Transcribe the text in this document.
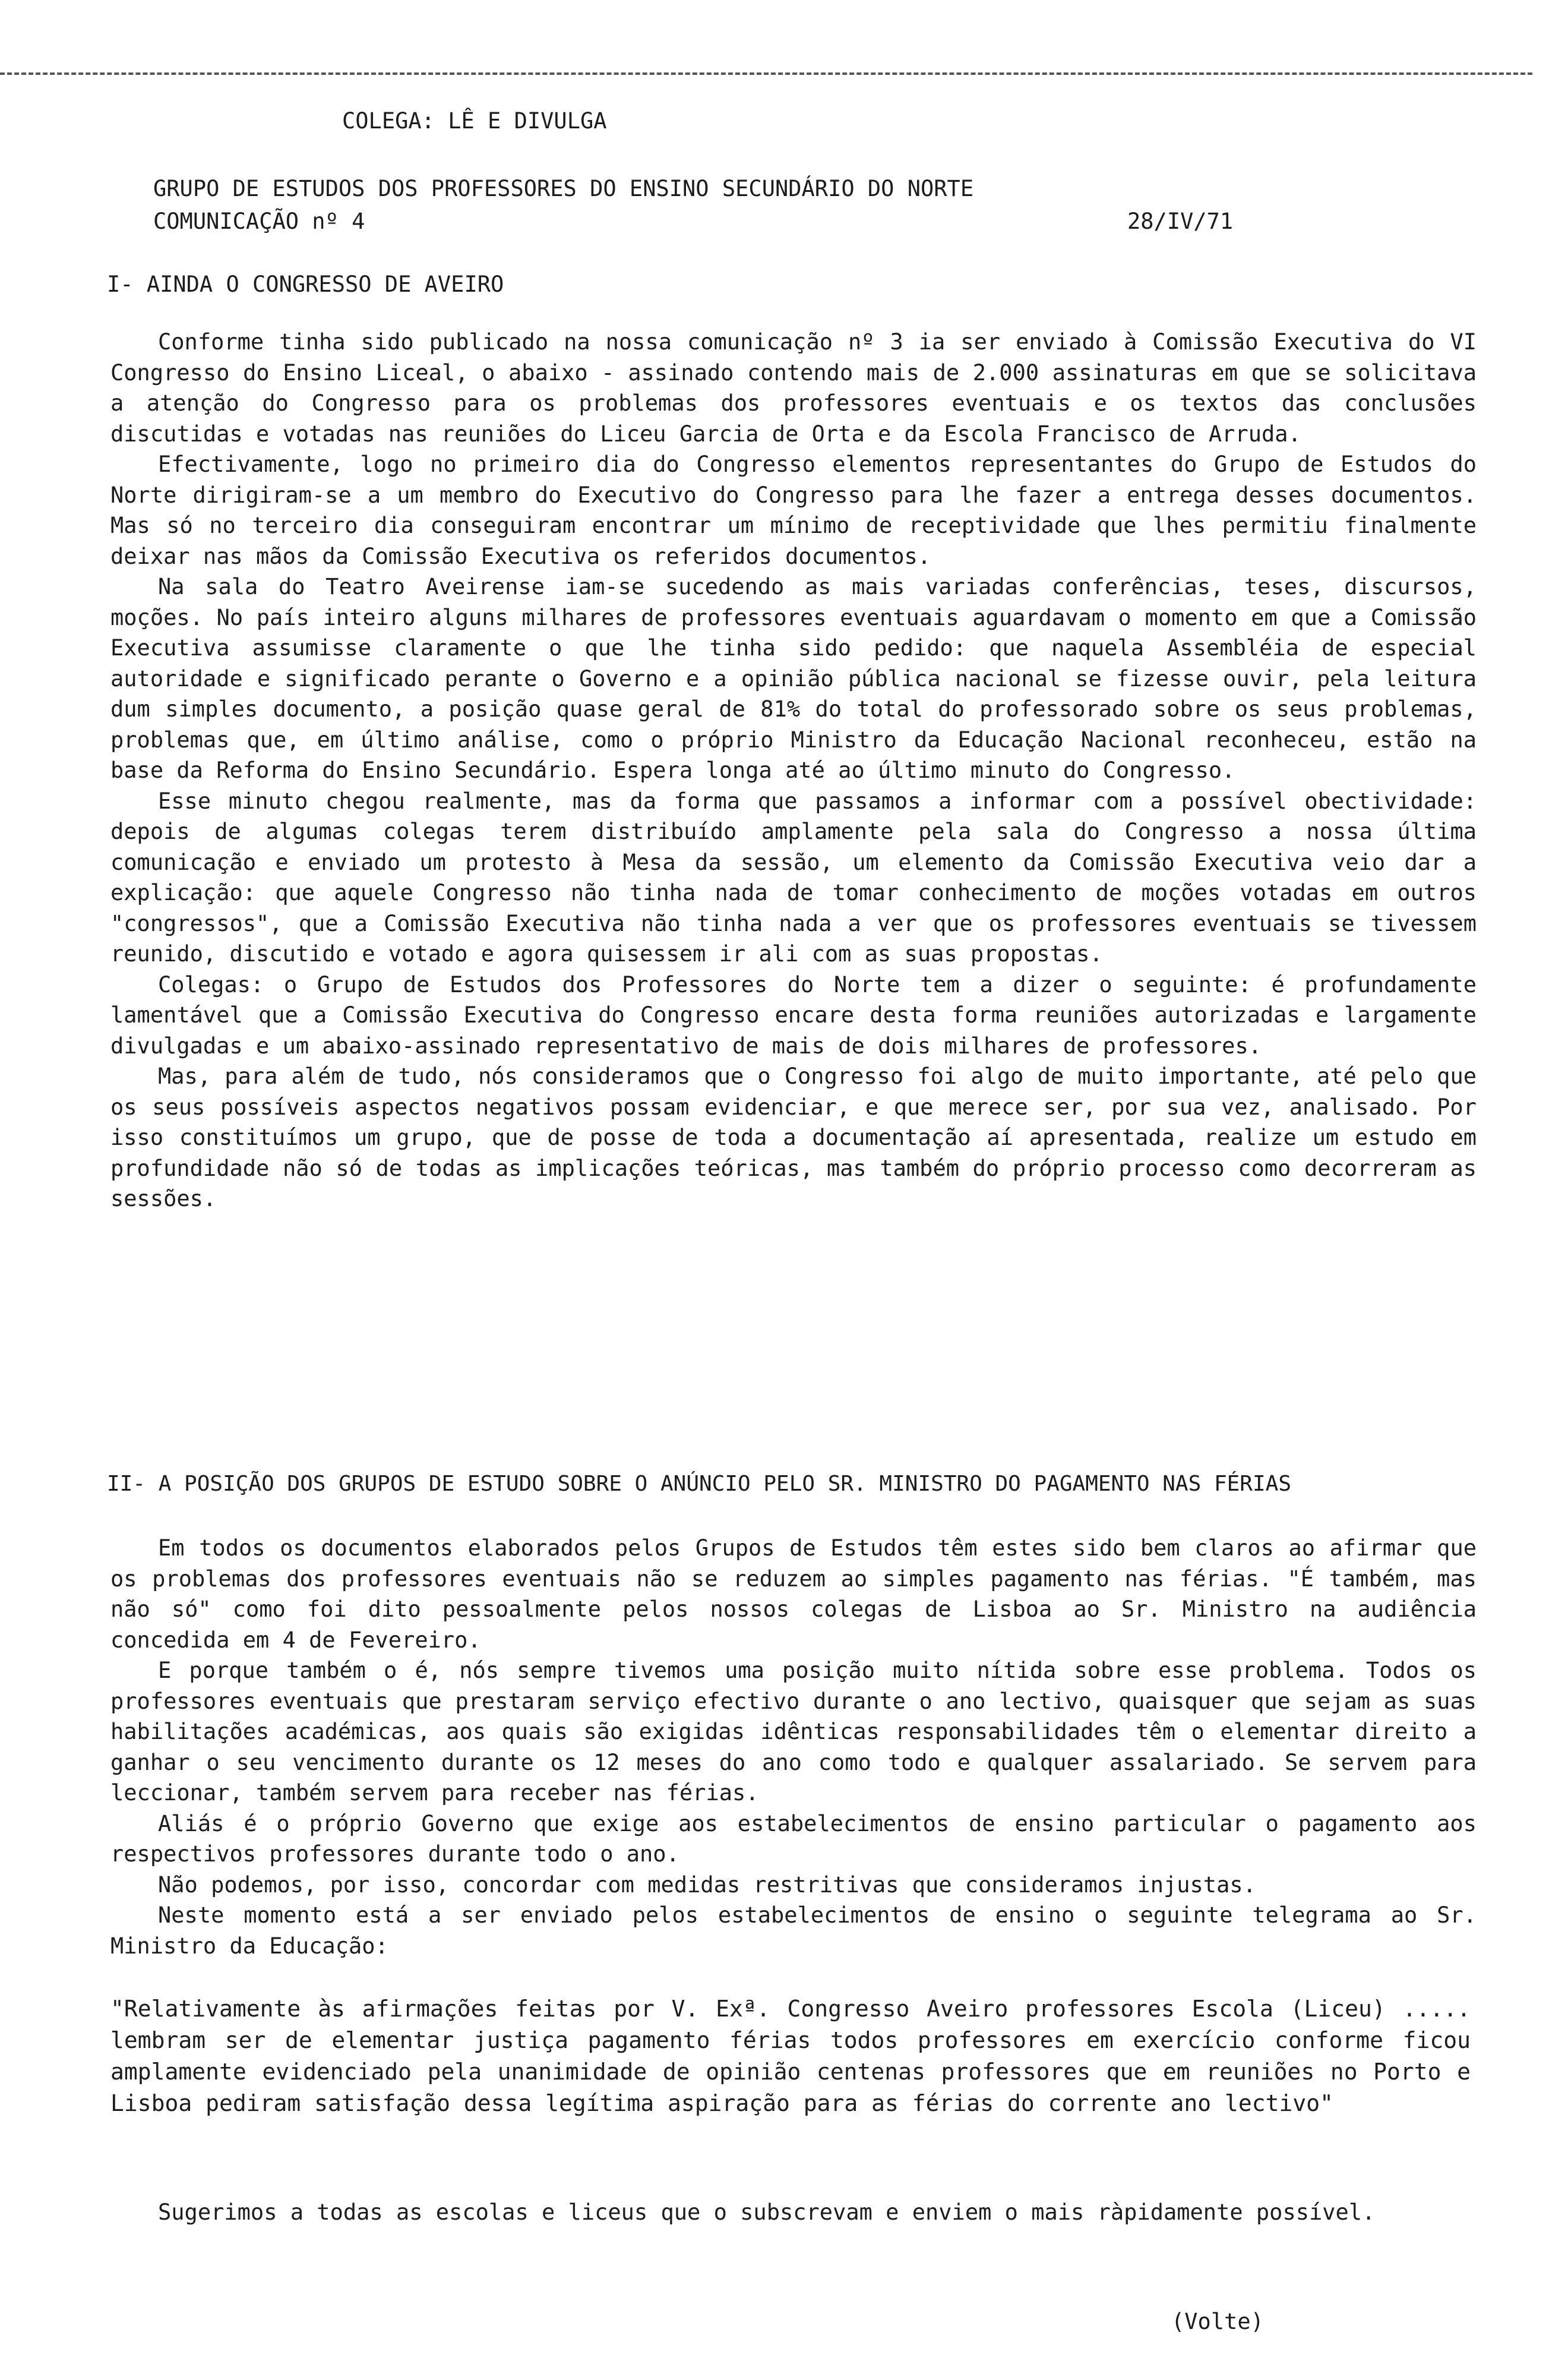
COLEGA: LÊ E DIVULGA
GRUPO DE ESTUDOS DOS PROFESSORES DO ENSINO SECUNDÁRIO DO NORTE
COMUNICAÇÃO nº 4	28/IV/71
I- AINDA O CONGRESSO DE AVEIRO

Conforme tinha sido publicado na nossa comunicação nº 3 ia ser enviado à Comissão Executiva do VI Congresso do Ensino Liceal, o abaixo - assinado contendo mais de 2.000 assinaturas em que se solicitava a atenção do Congresso para os problemas dos professores eventuais e os textos das conclusões discutidas e votadas nas reuniões do Liceu Garcia de Orta e da Escola Francisco de Arruda.

Efectivamente, logo no primeiro dia do Congresso elementos representantes do Grupo de Estudos do Norte dirigiram-se a um membro do Executivo do Congresso para lhe fazer a entrega desses documentos. Mas só no terceiro dia conseguiram encontrar um mínimo de receptividade que lhes permitiu finalmente deixar nas mãos da Comissão Executiva os referidos documentos.

Na sala do Teatro Aveirense iam-se sucedendo as mais variadas conferências, teses, discursos, moções. No país inteiro alguns milhares de professores eventuais aguardavam o momento em que a Comissão Executiva assumisse claramente o que lhe tinha sido pedido: que naquela Assembléia de especial autoridade e significado perante o Governo e a opinião pública nacional se fizesse ouvir, pela leitura dum simples documento, a posição quase geral de 81% do total do professorado sobre os seus problemas, problemas que, em último análise, como o próprio Ministro da Educação Nacional reconheceu, estão na base da Reforma do Ensino Secundário. Espera longa até ao último minuto do Congresso.

Esse minuto chegou realmente, mas da forma que passamos a informar com a possível obectividade: depois de algumas colegas terem distribuído amplamente pela sala do Congresso a nossa última comunicação e enviado um protesto à Mesa da sessão, um elemento da Comissão Executiva veio dar a explicação: que aquele Congresso não tinha nada de tomar conhecimento de moções votadas em outros "congressos", que a Comissão Executiva não tinha nada a ver que os professores eventuais se tivessem reunido, discutido e votado e agora quisessem ir ali com as suas propostas.

Colegas: o Grupo de Estudos dos Professores do Norte tem a dizer o seguinte: é profundamente lamentável que a Comissão Executiva do Congresso encare desta forma reuniões autorizadas e largamente divulgadas e um abaixo-assinado representativo de mais de dois milhares de professores.

Mas, para além de tudo, nós consideramos que o Congresso foi algo de muito importante, até pelo que os seus possíveis aspectos negativos possam evidenciar, e que merece ser, por sua vez, analisado. Por isso constituímos um grupo, que de posse de toda a documentação aí apresentada, realize um estudo em profundidade não só de todas as implicações teóricas, mas também do próprio processo como decorreram as sessões.

II- A POSIÇÃO DOS GRUPOS DE ESTUDO SOBRE O ANÚNCIO PELO SR. MINISTRO DO PAGAMENTO NAS FÉRIAS

Em todos os documentos elaborados pelos Grupos de Estudos têm estes sido bem claros ao afirmar que os problemas dos professores eventuais não se reduzem ao simples pagamento nas férias. "É também, mas não só" como foi dito pessoalmente pelos nossos colegas de Lisboa ao Sr. Ministro na audiência concedida em 4 de Fevereiro.

E porque também o é, nós sempre tivemos uma posição muito nítida sobre esse problema. Todos os professores eventuais que prestaram serviço efectivo durante o ano lectivo, quaisquer que sejam as suas habilitações académicas, aos quais são exigidas idênticas responsabilidades têm o elementar direito a ganhar o seu vencimento durante os 12 meses do ano como todo e qualquer assalariado. Se servem para leccionar, também servem para receber nas férias.

Aliás é o próprio Governo que exige aos estabelecimentos de ensino particular o pagamento aos respectivos professores durante todo o ano.

Não podemos, por isso, concordar com medidas restritivas que consideramos injustas.

Neste momento está a ser enviado pelos estabelecimentos de ensino o seguinte telegrama ao Sr. Ministro da Educação:

"Relativamente às afirmações feitas por V. Exª. Congresso Aveiro professores Escola (Liceu) ..... lembram ser de elementar justiça pagamento férias todos professores em exercício conforme ficou amplamente evidenciado pela unanimidade de opinião centenas professores que em reuniões no Porto e Lisboa pediram satisfação dessa legítima aspiração para as férias do corrente ano lectivo"

Sugerimos a todas as escolas e liceus que o subscrevam e enviem o mais ràpidamente possível.

(Volte)
